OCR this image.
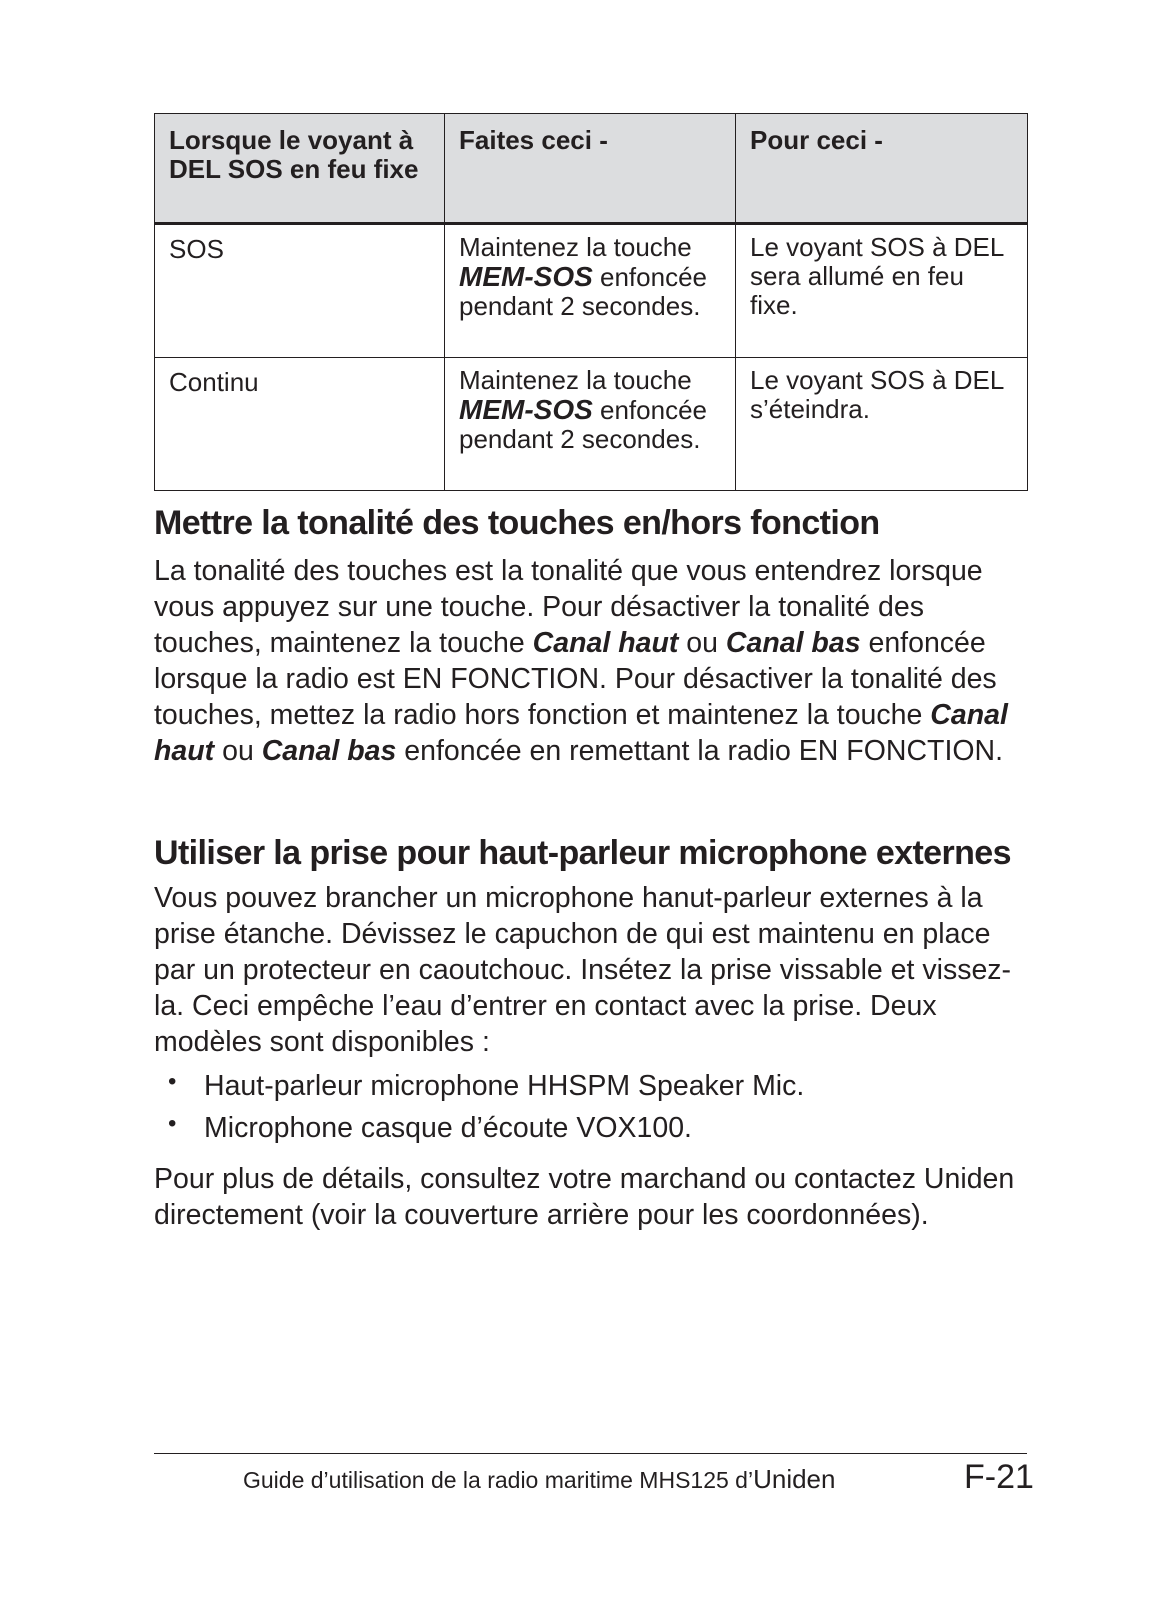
Lorsque le voyant à DEL SOS en feu fixe	Faites ceci -	Pour ceci -
SOS	Maintenez la touche MEM-SOS enfoncée pendant 2 secondes.	Le voyant SOS à DEL sera allumé en feu fixe.
Continu	Maintenez la touche MEM-SOS enfoncée pendant 2 secondes.	Le voyant SOS à DEL s’éteindra.
Mettre la tonalité des touches en/hors fonction

La tonalité des touches est la tonalité que vous entendrez lorsque vous appuyez sur une touche. Pour désactiver la tonalité des touches, maintenez la touche Canal haut ou Canal bas enfoncée lorsque la radio est EN FONCTION. Pour désactiver la tonalité des touches, mettez la radio hors fonction et maintenez la touche Canal haut ou Canal bas enfoncée en remettant la radio EN FONCTION.

Utiliser la prise pour haut-parleur microphone externes

Vous pouvez brancher un microphone hanut-parleur externes à la prise étanche. Dévissez le capuchon de qui est maintenu en place par un protecteur en caoutchouc. Insétez la prise vissable et vissez-la. Ceci empêche l’eau d’entrer en contact avec la prise. Deux modèles sont disponibles :

• Haut-parleur microphone HHSPM Speaker Mic.
• Microphone casque d’écoute VOX100.

Pour plus de détails, consultez votre marchand ou contactez Uniden directement (voir la couverture arrière pour les coordonnées).

Guide d’utilisation de la radio maritime MHS125 d’Uniden	F-21
